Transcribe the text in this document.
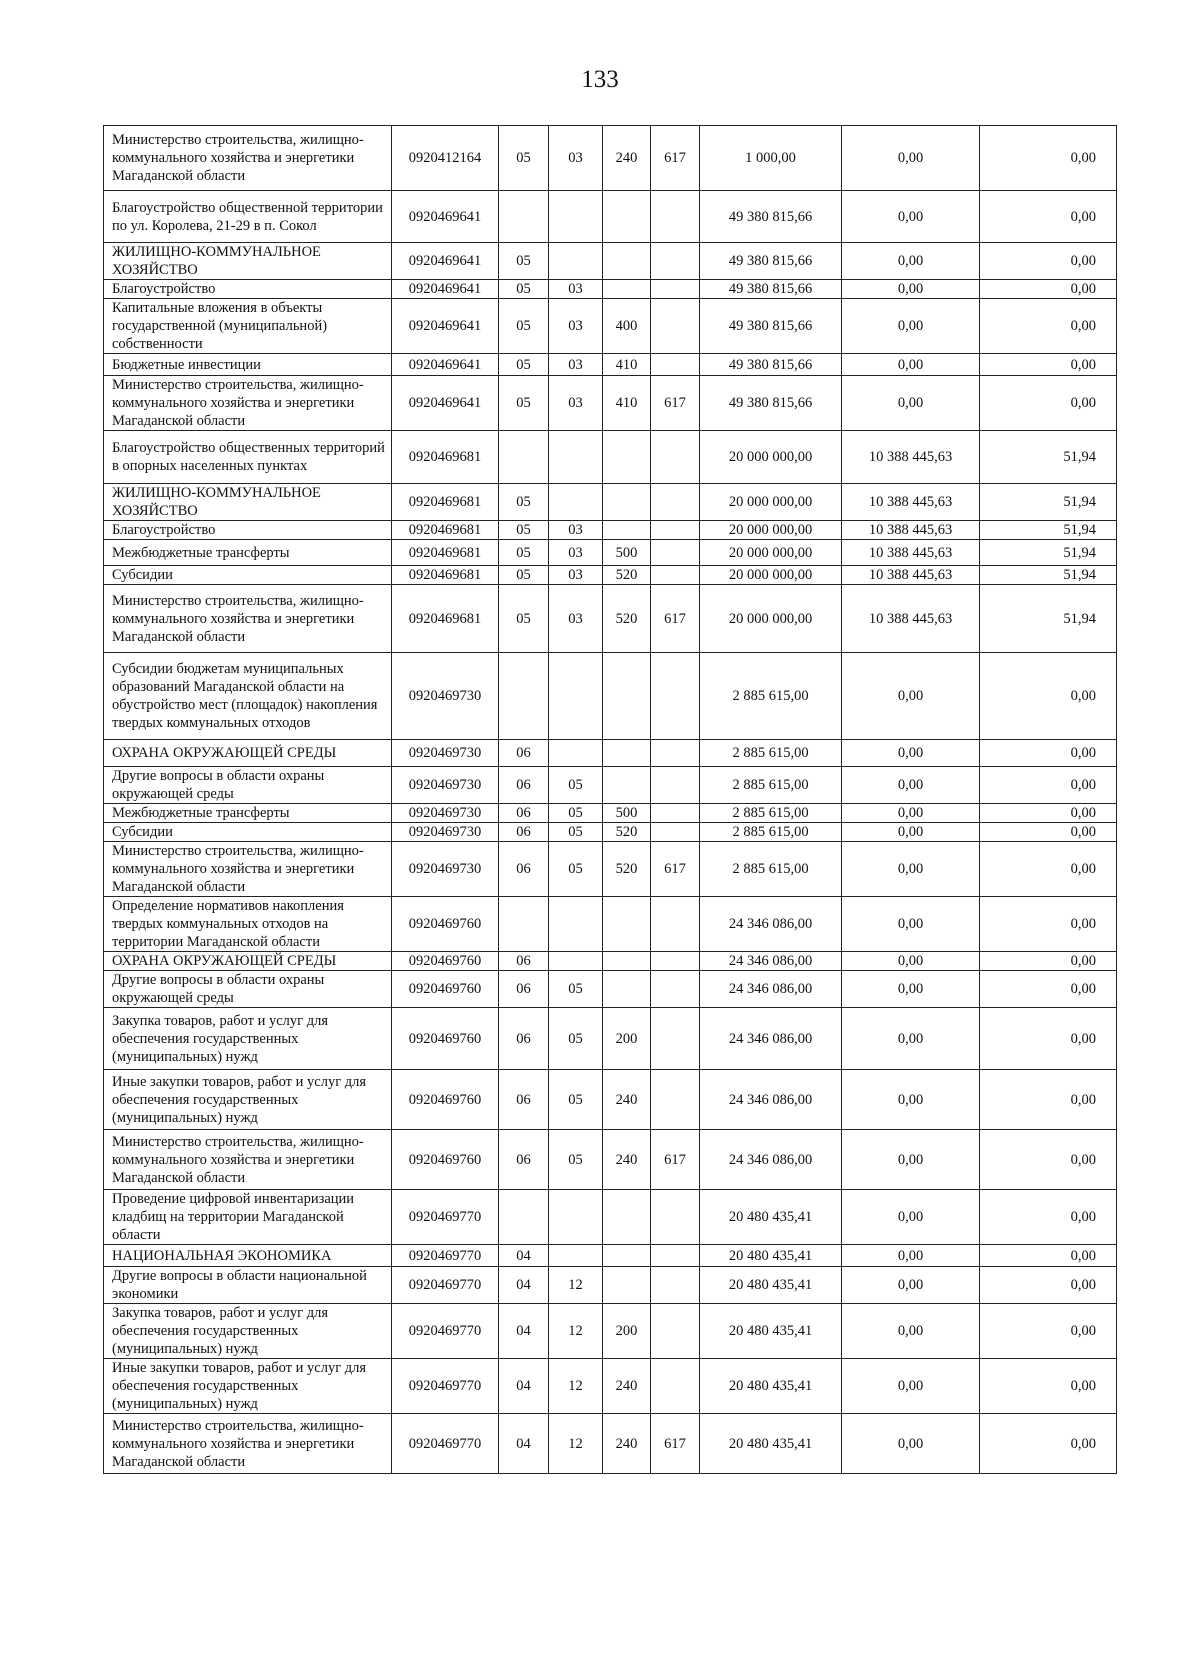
133
Министерство строительства, жилищно-коммунального хозяйства и энергетики Магаданской области	0920412164	05	03	240	617	1 000,00	0,00	0,00
Благоустройство общественной территории по ул. Королева, 21-29 в п. Сокол	0920469641					49 380 815,66	0,00	0,00
ЖИЛИЩНО-КОММУНАЛЬНОЕ ХОЗЯЙСТВО	0920469641	05				49 380 815,66	0,00	0,00
Благоустройство	0920469641	05	03			49 380 815,66	0,00	0,00
Капитальные вложения в объекты государственной (муниципальной) собственности	0920469641	05	03	400		49 380 815,66	0,00	0,00
Бюджетные инвестиции	0920469641	05	03	410		49 380 815,66	0,00	0,00
Министерство строительства, жилищно-коммунального хозяйства и энергетики Магаданской области	0920469641	05	03	410	617	49 380 815,66	0,00	0,00
Благоустройство общественных территорий в опорных населенных пунктах	0920469681					20 000 000,00	10 388 445,63	51,94
ЖИЛИЩНО-КОММУНАЛЬНОЕ ХОЗЯЙСТВО	0920469681	05				20 000 000,00	10 388 445,63	51,94
Благоустройство	0920469681	05	03			20 000 000,00	10 388 445,63	51,94
Межбюджетные трансферты	0920469681	05	03	500		20 000 000,00	10 388 445,63	51,94
Субсидии	0920469681	05	03	520		20 000 000,00	10 388 445,63	51,94
Министерство строительства, жилищно-коммунального хозяйства и энергетики Магаданской области	0920469681	05	03	520	617	20 000 000,00	10 388 445,63	51,94
Субсидии бюджетам муниципальных образований Магаданской области на обустройство мест (площадок) накопления твердых коммунальных отходов	0920469730					2 885 615,00	0,00	0,00
ОХРАНА ОКРУЖАЮЩЕЙ СРЕДЫ	0920469730	06				2 885 615,00	0,00	0,00
Другие вопросы в области охраны окружающей среды	0920469730	06	05			2 885 615,00	0,00	0,00
Межбюджетные трансферты	0920469730	06	05	500		2 885 615,00	0,00	0,00
Субсидии	0920469730	06	05	520		2 885 615,00	0,00	0,00
Министерство строительства, жилищно-коммунального хозяйства и энергетики Магаданской области	0920469730	06	05	520	617	2 885 615,00	0,00	0,00
Определение нормативов накопления твердых коммунальных отходов на территории Магаданской области	0920469760					24 346 086,00	0,00	0,00
ОХРАНА ОКРУЖАЮЩЕЙ СРЕДЫ	0920469760	06				24 346 086,00	0,00	0,00
Другие вопросы в области охраны окружающей среды	0920469760	06	05			24 346 086,00	0,00	0,00
Закупка товаров, работ и услуг для обеспечения государственных (муниципальных) нужд	0920469760	06	05	200		24 346 086,00	0,00	0,00
Иные закупки товаров, работ и услуг для обеспечения государственных (муниципальных) нужд	0920469760	06	05	240		24 346 086,00	0,00	0,00
Министерство строительства, жилищно-коммунального хозяйства и энергетики Магаданской области	0920469760	06	05	240	617	24 346 086,00	0,00	0,00
Проведение цифровой инвентаризации кладбищ на территории Магаданской области	0920469770					20 480 435,41	0,00	0,00
НАЦИОНАЛЬНАЯ ЭКОНОМИКА	0920469770	04				20 480 435,41	0,00	0,00
Другие вопросы в области национальной экономики	0920469770	04	12			20 480 435,41	0,00	0,00
Закупка товаров, работ и услуг для обеспечения государственных (муниципальных) нужд	0920469770	04	12	200		20 480 435,41	0,00	0,00
Иные закупки товаров, работ и услуг для обеспечения государственных (муниципальных) нужд	0920469770	04	12	240		20 480 435,41	0,00	0,00
Министерство строительства, жилищно-коммунального хозяйства и энергетики Магаданской области	0920469770	04	12	240	617	20 480 435,41	0,00	0,00
